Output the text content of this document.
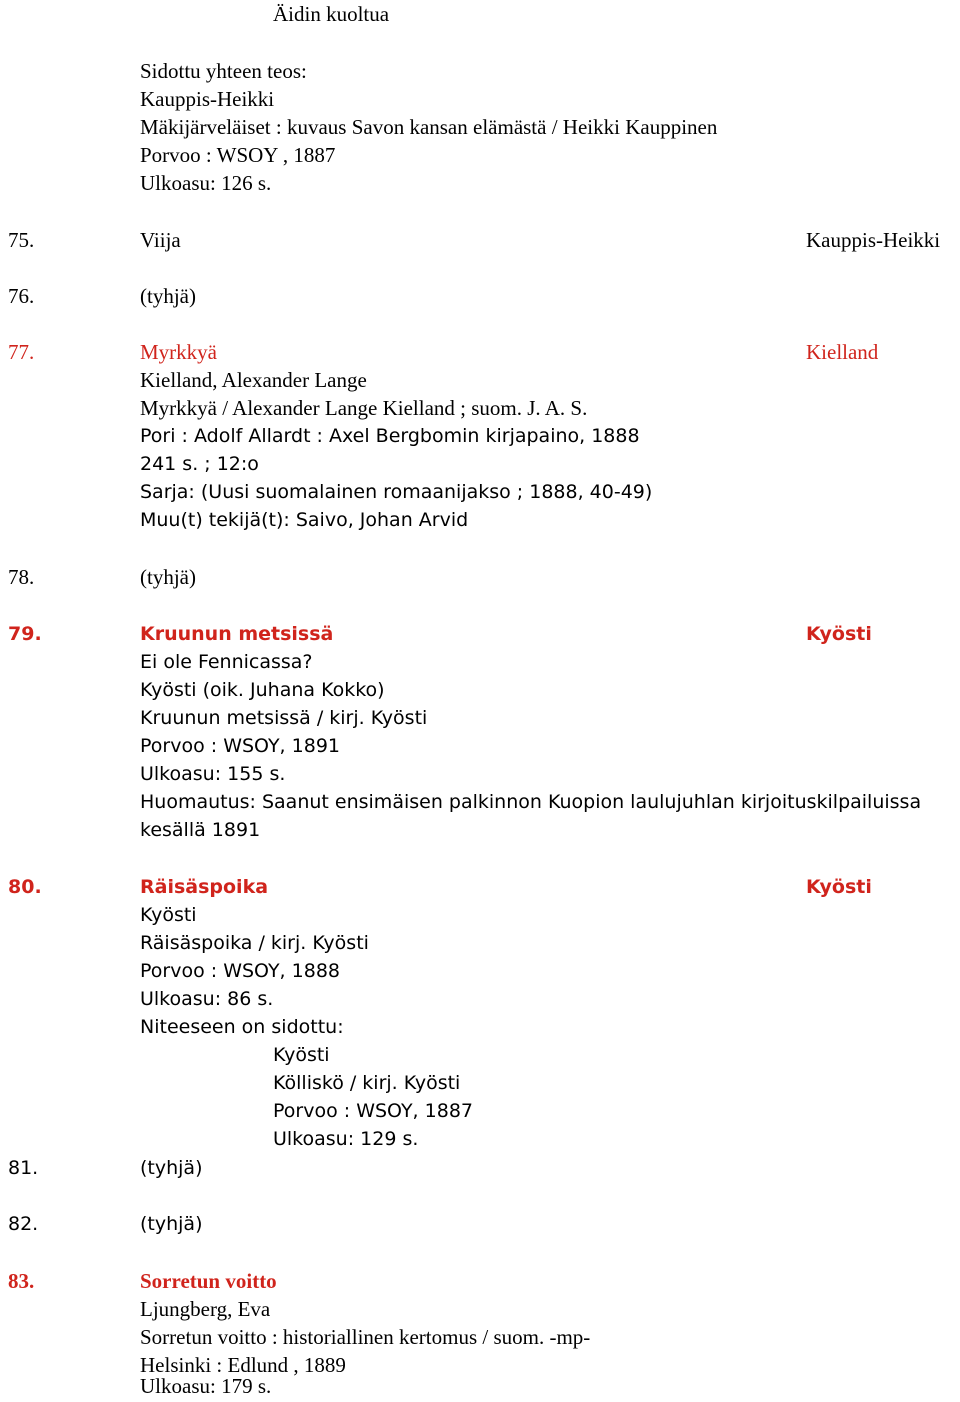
Äidin kuoltua
Sidottu yhteen teos:
Kauppis-Heikki
Mäkijärveläiset : kuvaus Savon kansan elämästä / Heikki Kauppinen
Porvoo : WSOY , 1887
Ulkoasu: 126 s.
75.	Viija	Kauppis-Heikki
76.	(tyhjä)
77.	Myrkkyä	Kielland
Kielland, Alexander Lange
Myrkkyä / Alexander Lange Kielland ; suom. J. A. S.
Pori : Adolf Allardt : Axel Bergbomin kirjapaino, 1888
241 s. ; 12:o
Sarja: (Uusi suomalainen romaanijakso ; 1888, 40-49)
Muu(t) tekijä(t): Saivo, Johan Arvid
78.	(tyhjä)
79.	Kruunun metsissä	Kyösti
Ei ole Fennicassa?
Kyösti (oik. Juhana Kokko)
Kruunun metsissä / kirj. Kyösti
Porvoo : WSOY, 1891
Ulkoasu: 155 s.
Huomautus: Saanut ensimäisen palkinnon Kuopion laulujuhlan kirjoituskilpailuissa
kesällä 1891
80.	Räisäspoika	Kyösti
Kyösti
Räisäspoika / kirj. Kyösti
Porvoo : WSOY, 1888
Ulkoasu: 86 s.
Niteeseen on sidottu:
Kyösti
Kölliskö / kirj. Kyösti
Porvoo : WSOY, 1887
Ulkoasu: 129 s.
81.	(tyhjä)
82.	(tyhjä)
83.	Sorretun voitto
Ljungberg, Eva
Sorretun voitto : historiallinen kertomus / suom. -mp-
Helsinki : Edlund , 1889
Ulkoasu: 179 s.
